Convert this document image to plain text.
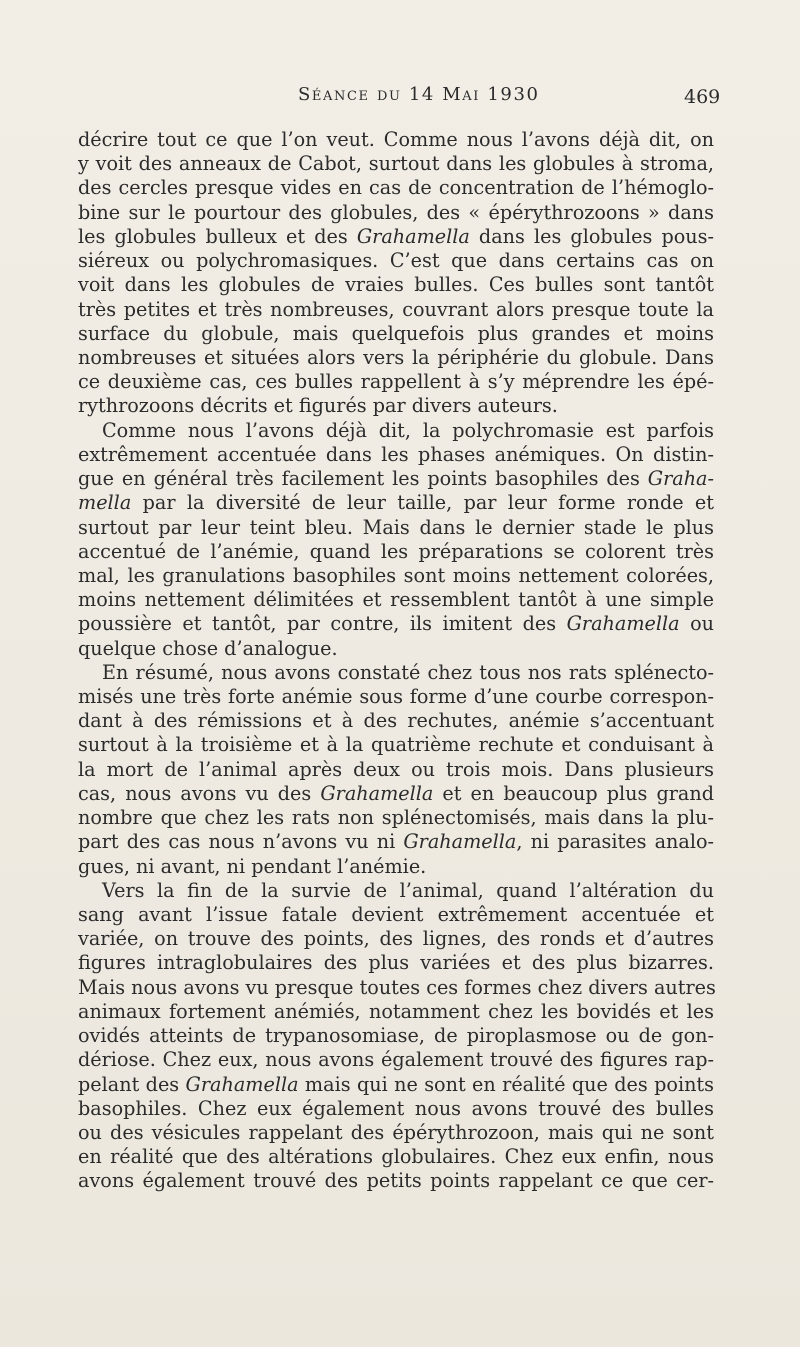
Séance du 14 Mai 1930	469
décrire tout ce que l’on veut. Comme nous l’avons déjà dit, on
y voit des anneaux de Cabot, surtout dans les globules à stroma,
des cercles presque vides en cas de concentration de l’hémoglo-
bine sur le pourtour des globules, des « épérythrozoons » dans
les globules bulleux et des Grahamella dans les globules pous-
siéreux ou polychromasiques. C’est que dans certains cas on
voit dans les globules de vraies bulles. Ces bulles sont tantôt
très petites et très nombreuses, couvrant alors presque toute la
surface du globule, mais quelquefois plus grandes et moins
nombreuses et situées alors vers la périphérie du globule. Dans
ce deuxième cas, ces bulles rappellent à s’y méprendre les épé-
rythrozoons décrits et figurés par divers auteurs.
Comme nous l’avons déjà dit, la polychromasie est parfois
extrêmement accentuée dans les phases anémiques. On distin-
gue en général très facilement les points basophiles des Graha-
mella par la diversité de leur taille, par leur forme ronde et
surtout par leur teint bleu. Mais dans le dernier stade le plus
accentué de l’anémie, quand les préparations se colorent très
mal, les granulations basophiles sont moins nettement colorées,
moins nettement délimitées et ressemblent tantôt à une simple
poussière et tantôt, par contre, ils imitent des Grahamella ou
quelque chose d’analogue.
En résumé, nous avons constaté chez tous nos rats splénecto-
misés une très forte anémie sous forme d’une courbe correspon-
dant à des rémissions et à des rechutes, anémie s’accentuant
surtout à la troisième et à la quatrième rechute et conduisant à
la mort de l’animal après deux ou trois mois. Dans plusieurs
cas, nous avons vu des Grahamella et en beaucoup plus grand
nombre que chez les rats non splénectomisés, mais dans la plu-
part des cas nous n’avons vu ni Grahamella, ni parasites analo-
gues, ni avant, ni pendant l’anémie.
Vers la fin de la survie de l’animal, quand l’altération du
sang avant l’issue fatale devient extrêmement accentuée et
variée, on trouve des points, des lignes, des ronds et d’autres
figures intraglobulaires des plus variées et des plus bizarres.
Mais nous avons vu presque toutes ces formes chez divers autres
animaux fortement anémiés, notamment chez les bovidés et les
ovidés atteints de trypanosomiase, de piroplasmose ou de gon-
dériose. Chez eux, nous avons également trouvé des figures rap-
pelant des Grahamella mais qui ne sont en réalité que des points
basophiles. Chez eux également nous avons trouvé des bulles
ou des vésicules rappelant des épérythrozoon, mais qui ne sont
en réalité que des altérations globulaires. Chez eux enfin, nous
avons également trouvé des petits points rappelant ce que cer-
